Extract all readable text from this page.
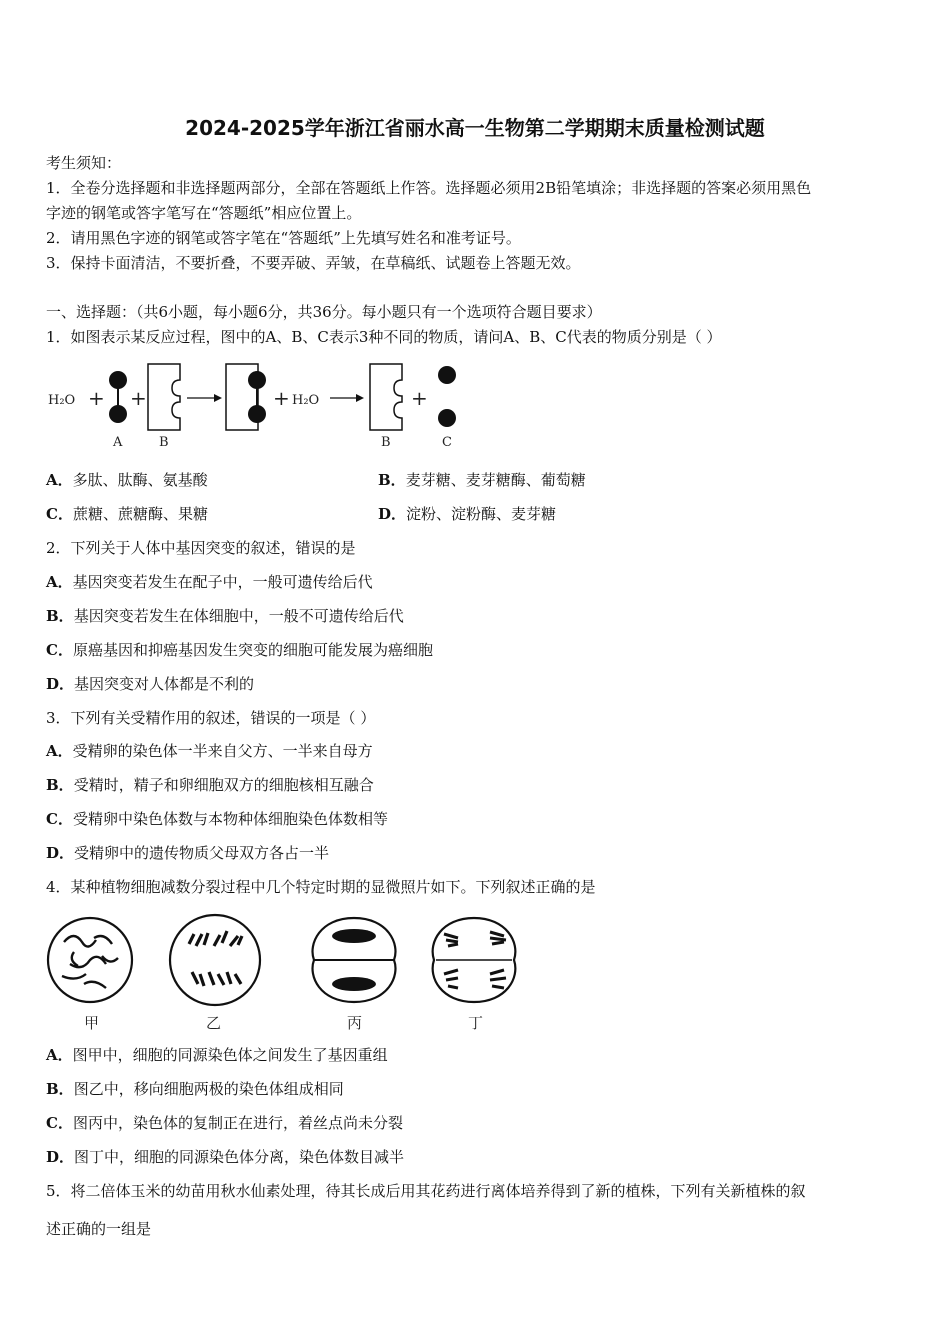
2024-2025学年浙江省丽水高一生物第二学期期末质量检测试题
考生须知：
1．全卷分选择题和非选择题两部分，全部在答题纸上作答。选择题必须用2B铅笔填涂；非选择题的答案必须用黑色
字迹的钢笔或答字笔写在“答题纸”相应位置上。
2．请用黑色字迹的钢笔或答字笔在“答题纸”上先填写姓名和准考证号。
3．保持卡面清洁，不要折叠，不要弄破、弄皱，在草稿纸、试题卷上答题无效。
一、选择题：（共6小题，每小题6分，共36分。每小题只有一个选项符合题目要求）
1．如图表示某反应过程，图中的A、B、C表示3种不同的物质，请问A、B、C代表的物质分别是（ ）
H₂O +
A
+
B
+ H₂O
B
+
C
A．多肽、肽酶、氨基酸	B．麦芽糖、麦芽糖酶、葡萄糖
C．蔗糖、蔗糖酶、果糖	D．淀粉、淀粉酶、麦芽糖
2．下列关于人体中基因突变的叙述，错误的是
A．基因突变若发生在配子中，一般可遗传给后代
B．基因突变若发生在体细胞中，一般不可遗传给后代
C．原癌基因和抑癌基因发生突变的细胞可能发展为癌细胞
D．基因突变对人体都是不利的
3．下列有关受精作用的叙述，错误的一项是（ ）
A．受精卵的染色体一半来自父方、一半来自母方
B．受精时，精子和卵细胞双方的细胞核相互融合
C．受精卵中染色体数与本物种体细胞染色体数相等
D．受精卵中的遗传物质父母双方各占一半
4．某种植物细胞减数分裂过程中几个特定时期的显微照片如下。下列叙述正确的是
甲	乙	丙	丁
A．图甲中，细胞的同源染色体之间发生了基因重组
B．图乙中，移向细胞两极的染色体组成相同
C．图丙中，染色体的复制正在进行，着丝点尚未分裂
D．图丁中，细胞的同源染色体分离，染色体数目减半
5．将二倍体玉米的幼苗用秋水仙素处理，待其长成后用其花药进行离体培养得到了新的植株，下列有关新植株的叙
述正确的一组是
